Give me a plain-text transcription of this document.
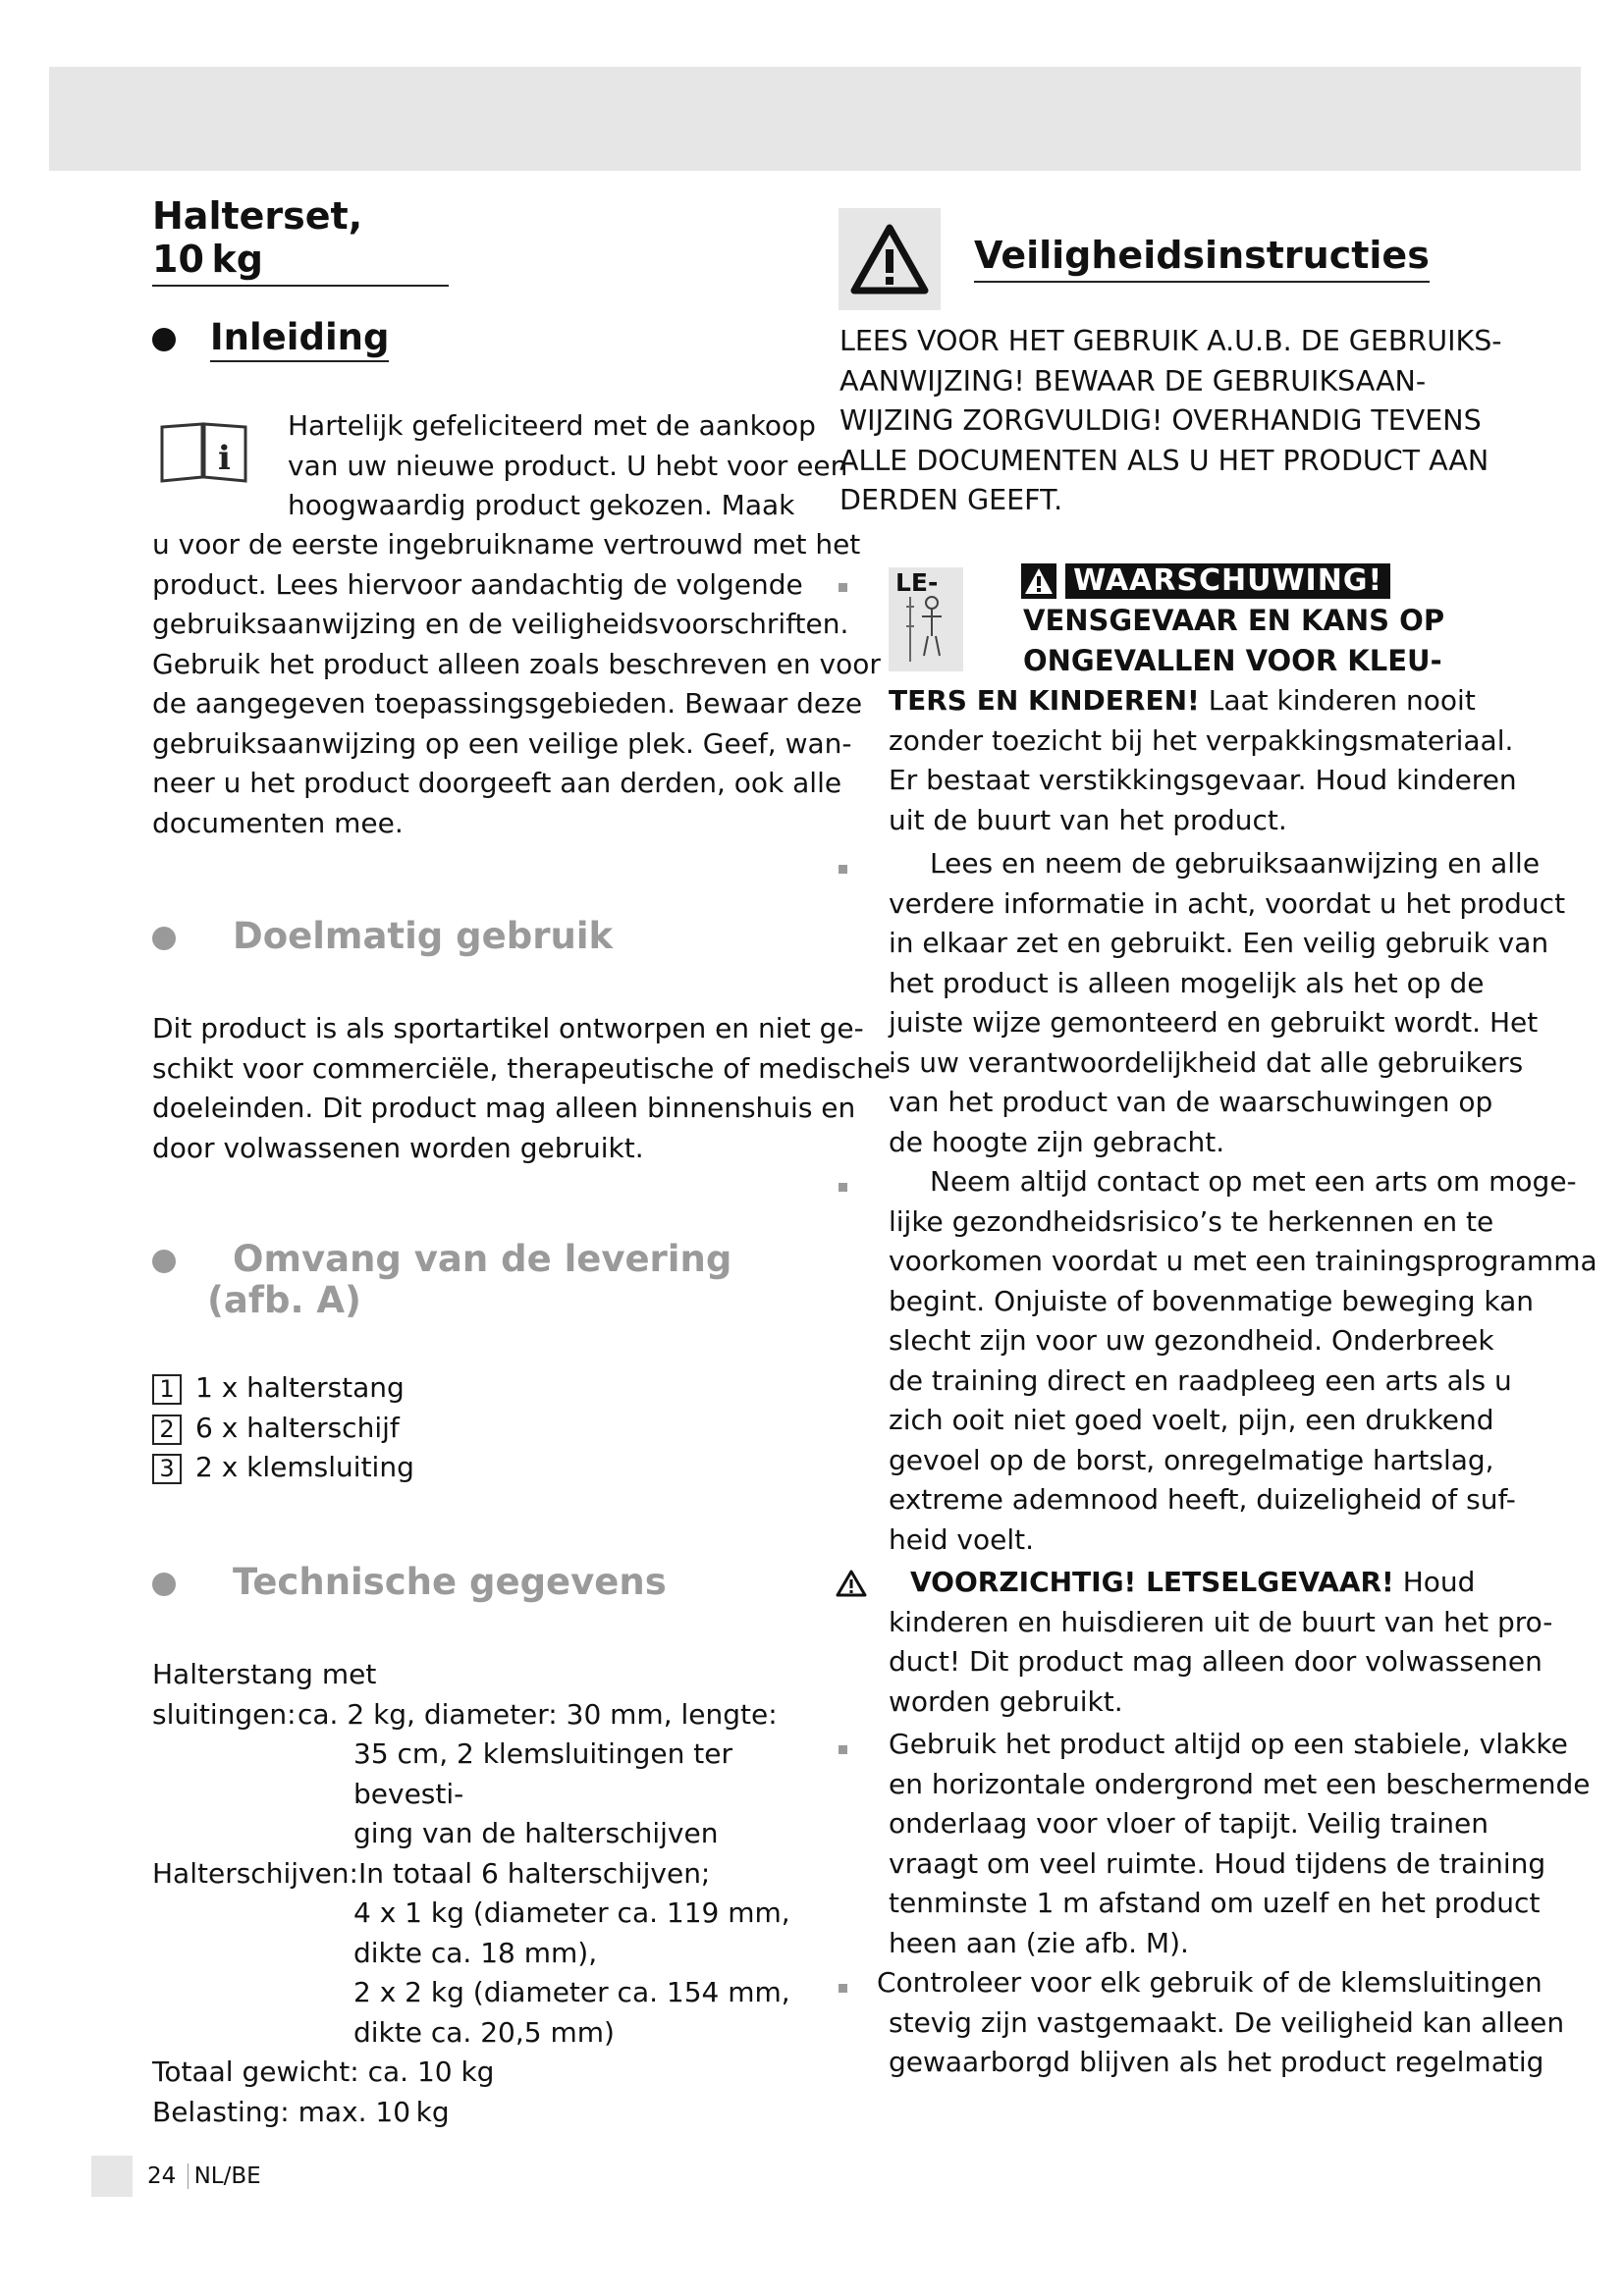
Halterset, 10 kg
Inleiding
i

Hartelijk gefeliciteerd met de aankoop

van uw nieuwe product. U hebt voor een

hoogwaardig product gekozen. Maak

u voor de eerste ingebruikname vertrouwd met het

product. Lees hiervoor aandachtig de volgende

gebruiksaanwijzing en de veiligheidsvoorschriften.

Gebruik het product alleen zoals beschreven en voor

de aangegeven toepassingsgebieden. Bewaar deze

gebruiksaanwijzing op een veilige plek. Geef, wan-

neer u het product doorgeeft aan derden, ook alle

documenten mee.

Doelmatig gebruik

Dit product is als sportartikel ontworpen en niet ge-

schikt voor commerciële, therapeutische of medische

doeleinden. Dit product mag alleen binnenshuis en

door volwassenen worden gebruikt.

Omvang van de levering
(afb. A)

1 1 x halterstang

2 6 x halterschijf

3 2 x klemsluiting

Technische gegevens

Halterstang met

sluitingen:ca. 2 kg, diameter: 30 mm, lengte:

35 cm, 2 klemsluitingen ter bevesti-

ging van de halterschijven

Halterschijven:In totaal 6 halterschijven;

4 x 1 kg (diameter ca. 119 mm,

dikte ca. 18 mm),

2 x 2 kg (diameter ca. 154 mm,

dikte ca. 20,5 mm)

Totaal gewicht: ca. 10 kg

Belasting: max. 10 kg

24 NL/BE
Veiligheidsinstructies

LEES VOOR HET GEBRUIK A.U.B. DE GEBRUIKS-

AANWIJZING! BEWAAR DE GEBRUIKSAAN-

WIJZING ZORGVULDIG! OVERHANDIG TEVENS

ALLE DOCUMENTEN ALS U HET PRODUCT AAN

DERDEN GEEFT.

LE-	WAARSCHUWING!

VENSGEVAAR EN KANS OP

ONGEVALLEN VOOR KLEU-

TERS EN KINDEREN! Laat kinderen nooit

zonder toezicht bij het verpakkingsmateriaal.

Er bestaat verstikkingsgevaar. Houd kinderen

uit de buurt van het product.

Lees en neem de gebruiksaanwijzing en alle

verdere informatie in acht, voordat u het product

in elkaar zet en gebruikt. Een veilig gebruik van

het product is alleen mogelijk als het op de

juiste wijze gemonteerd en gebruikt wordt. Het

is uw verantwoordelijkheid dat alle gebruikers

van het product van de waarschuwingen op

de hoogte zijn gebracht.

Neem altijd contact op met een arts om moge-

lijke gezondheidsrisico’s te herkennen en te

voorkomen voordat u met een trainingsprogramma

begint. Onjuiste of bovenmatige beweging kan

slecht zijn voor uw gezondheid. Onderbreek

de training direct en raadpleeg een arts als u

zich ooit niet goed voelt, pijn, een drukkend

gevoel op de borst, onregelmatige hartslag,

extreme ademnood heeft, duizeligheid of suf-

heid voelt.

VOORZICHTIG! LETSELGEVAAR! Houd

kinderen en huisdieren uit de buurt van het pro-

duct! Dit product mag alleen door volwassenen

worden gebruikt.

Gebruik het product altijd op een stabiele, vlakke

en horizontale ondergrond met een beschermende

onderlaag voor vloer of tapijt. Veilig trainen

vraagt om veel ruimte. Houd tijdens de training

tenminste 1 m afstand om uzelf en het product

heen aan (zie afb. M).

Controleer voor elk gebruik of de klemsluitingen

stevig zijn vastgemaakt. De veiligheid kan alleen

gewaarborgd blijven als het product regelmatig
